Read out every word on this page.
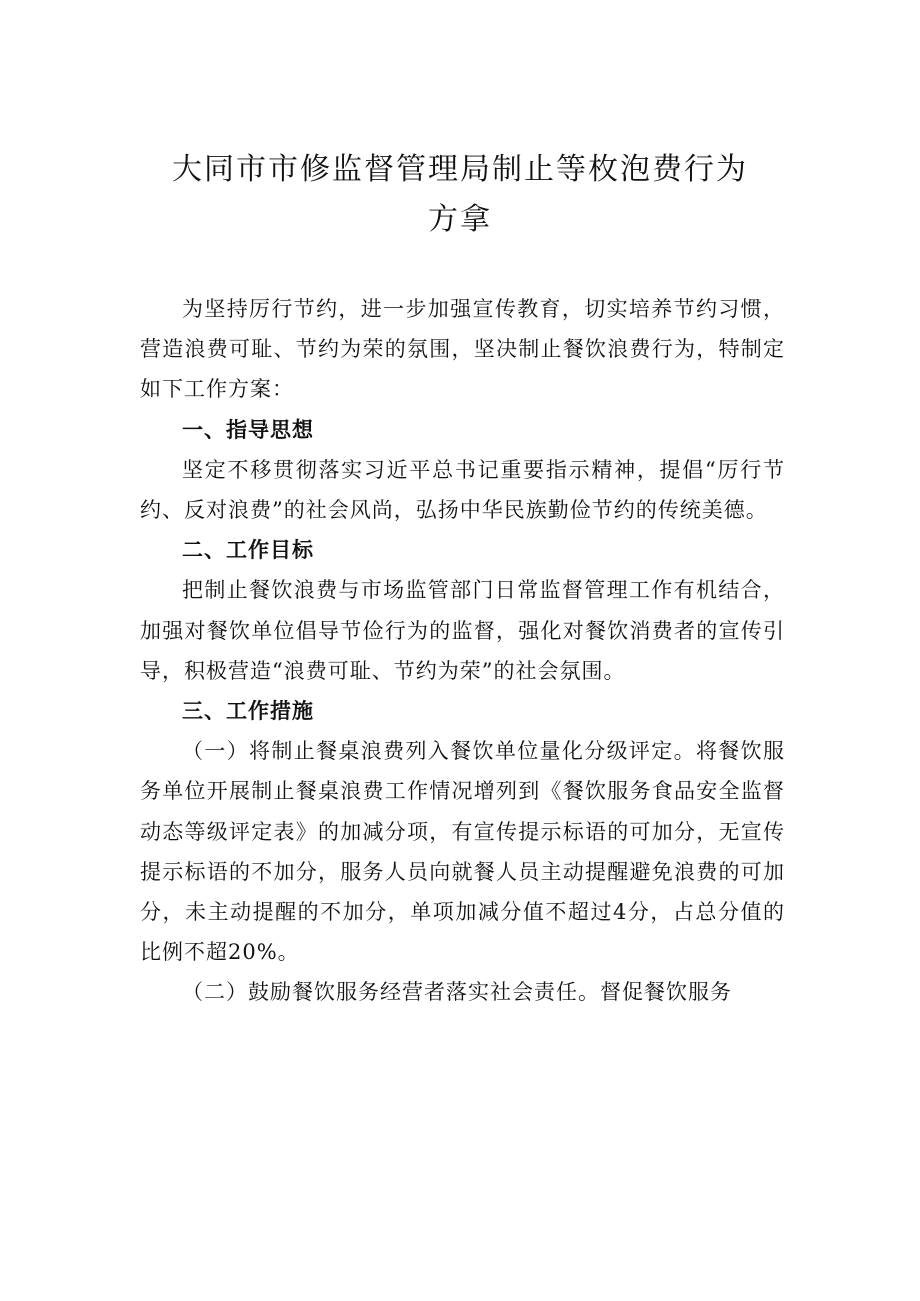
大同市市修监督管理局制止等枚泡费行为
方拿

为坚持厉行节约，进一步加强宣传教育，切实培养节约习惯，营造浪费可耻、节约为荣的氛围，坚决制止餐饮浪费行为，特制定如下工作方案：

一、指导思想

坚定不移贯彻落实习近平总书记重要指示精神，提倡“厉行节约、反对浪费”的社会风尚，弘扬中华民族勤俭节约的传统美德。

二、工作目标

把制止餐饮浪费与市场监管部门日常监督管理工作有机结合，加强对餐饮单位倡导节俭行为的监督，强化对餐饮消费者的宣传引导，积极营造“浪费可耻、节约为荣”的社会氛围。

三、工作措施

（一）将制止餐桌浪费列入餐饮单位量化分级评定。将餐饮服务单位开展制止餐桌浪费工作情况增列到《餐饮服务食品安全监督动态等级评定表》的加减分项，有宣传提示标语的可加分，无宣传提示标语的不加分，服务人员向就餐人员主动提醒避免浪费的可加分，未主动提醒的不加分，单项加减分值不超过4分，占总分值的比例不超20%。

（二）鼓励餐饮服务经营者落实社会责任。督促餐饮服务
